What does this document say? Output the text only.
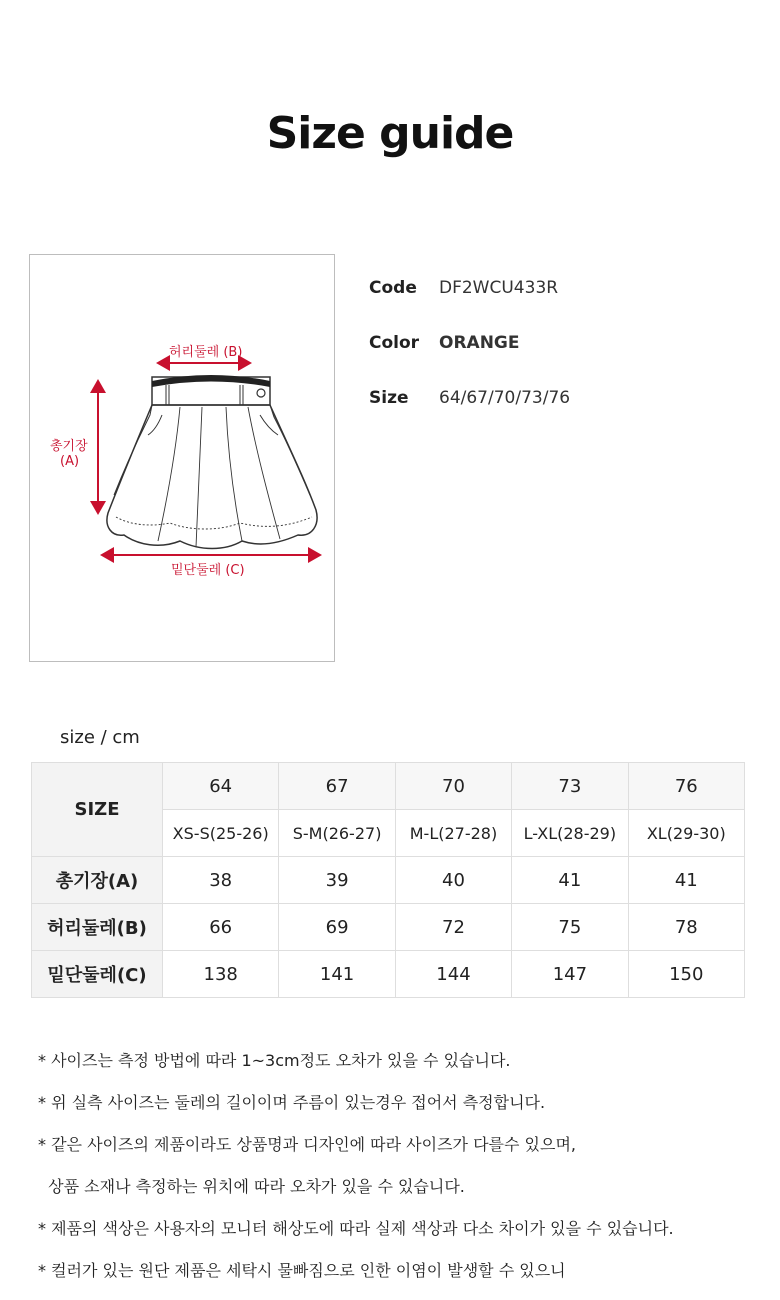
Size guide
허리둘레 (B)
총기장
(A)
밑단둘레 (C)
Code	DF2WCU433R
Color	ORANGE
Size	64/67/70/73/76
size / cm
SIZE	64	67	70	73	76
	XS-S(25-26)	S-M(26-27)	M-L(27-28)	L-XL(28-29)	XL(29-30)
총기장(A)	38	39	40	41	41
허리둘레(B)	66	69	72	75	78
밑단둘레(C)	138	141	144	147	150
* 사이즈는 측정 방법에 따라 1~3cm정도 오차가 있을 수 있습니다.
* 위 실측 사이즈는 둘레의 길이이며 주름이 있는경우 접어서 측정합니다.
* 같은 사이즈의 제품이라도 상품명과 디자인에 따라 사이즈가 다를수 있으며,
상품 소재나 측정하는 위치에 따라 오차가 있을 수 있습니다.
* 제품의 색상은 사용자의 모니터 해상도에 따라 실제 색상과 다소 차이가 있을 수 있습니다.
* 컬러가 있는 원단 제품은 세탁시 물빠짐으로 인한 이염이 발생할 수 있으니
